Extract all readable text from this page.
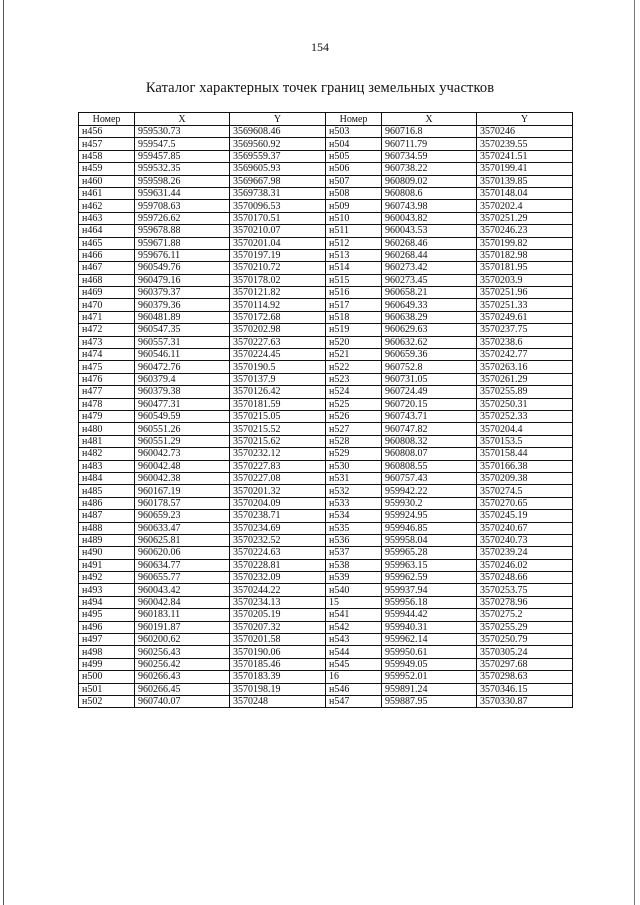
154
Каталог характерных точек границ земельных участков
Номер	X	Y	Номер	X	Y
н456	959530.73	3569608.46	н503	960716.8	3570246
н457	959547.5	3569560.92	н504	960711.79	3570239.55
н458	959457.85	3569559.37	н505	960734.59	3570241.51
н459	959532.35	3569605.93	н506	960738.22	3570199.41
н460	959598.26	3569667.98	н507	960809.02	3570139.85
н461	959631.44	3569738.31	н508	960808.6	3570148.04
н462	959708.63	3570096.53	н509	960743.98	3570202.4
н463	959726.62	3570170.51	н510	960043.82	3570251.29
н464	959678.88	3570210.07	н511	960043.53	3570246.23
н465	959671.88	3570201.04	н512	960268.46	3570199.82
н466	959676.11	3570197.19	н513	960268.44	3570182.98
н467	960549.76	3570210.72	н514	960273.42	3570181.95
н468	960479.16	3570178.02	н515	960273.45	3570203.9
н469	960379.37	3570121.82	н516	960658.21	3570251.96
н470	960379.36	3570114.92	н517	960649.33	3570251.33
н471	960481.89	3570172.68	н518	960638.29	3570249.61
н472	960547.35	3570202.98	н519	960629.63	3570237.75
н473	960557.31	3570227.63	н520	960632.62	3570238.6
н474	960546.11	3570224.45	н521	960659.36	3570242.77
н475	960472.76	3570190.5	н522	960752.8	3570263.16
н476	960379.4	3570137.9	н523	960731.05	3570261.29
н477	960379.38	3570126.42	н524	960724.49	3570255.89
н478	960477.31	3570181.59	н525	960720.15	3570250.31
н479	960549.59	3570215.05	н526	960743.71	3570252.33
н480	960551.26	3570215.52	н527	960747.82	3570204.4
н481	960551.29	3570215.62	н528	960808.32	3570153.5
н482	960042.73	3570232.12	н529	960808.07	3570158.44
н483	960042.48	3570227.83	н530	960808.55	3570166.38
н484	960042.38	3570227.08	н531	960757.43	3570209.38
н485	960167.19	3570201.32	н532	959942.22	3570274.5
н486	960178.57	3570204.09	н533	959930.2	3570270.65
н487	960659.23	3570238.71	н534	959924.95	3570245.19
н488	960633.47	3570234.69	н535	959946.85	3570240.67
н489	960625.81	3570232.52	н536	959958.04	3570240.73
н490	960620.06	3570224.63	н537	959965.28	3570239.24
н491	960634.77	3570228.81	н538	959963.15	3570246.02
н492	960655.77	3570232.09	н539	959962.59	3570248.66
н493	960043.42	3570244.22	н540	959937.94	3570253.75
н494	960042.84	3570234.13	15	959956.18	3570278.96
н495	960183.11	3570205.19	н541	959944.42	3570275.2
н496	960191.87	3570207.32	н542	959940.31	3570255.29
н497	960200.62	3570201.58	н543	959962.14	3570250.79
н498	960256.43	3570190.06	н544	959950.61	3570305.24
н499	960256.42	3570185.46	н545	959949.05	3570297.68
н500	960266.43	3570183.39	16	959952.01	3570298.63
н501	960266.45	3570198.19	н546	959891.24	3570346.15
н502	960740.07	3570248	н547	959887.95	3570330.87
